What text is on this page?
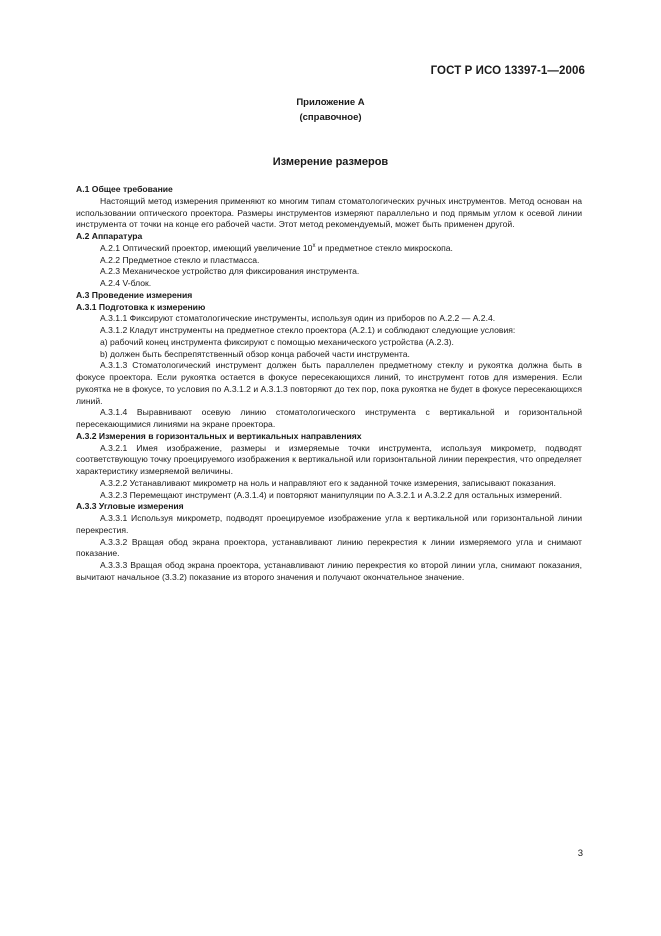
ГОСТ Р ИСО 13397-1—2006
Приложение А
(справочное)
Измерение размеров

А.1 Общее требование

Настоящий метод измерения применяют ко многим типам стоматологических ручных инструментов. Метод основан на использовании оптического проектора. Размеры инструментов измеряют параллельно и под прямым углом к осевой линии инструмента от точки на конце его рабочей части. Этот метод рекомендуемый, может быть применен другой.

А.2 Аппаратура

А.2.1 Оптический проектор, имеющий увеличение 10$^x$ и предметное стекло микроскопа.

А.2.2 Предметное стекло и пластмасса.

А.2.3 Механическое устройство для фиксирования инструмента.

А.2.4 V-блок.

А.3 Проведение измерения

А.3.1 Подготовка к измерению

А.3.1.1 Фиксируют стоматологические инструменты, используя один из приборов по А.2.2 — А.2.4.

А.3.1.2 Кладут инструменты на предметное стекло проектора (А.2.1) и соблюдают следующие условия:

а) рабочий конец инструмента фиксируют с помощью механического устройства (А.2.3).

b) должен быть беспрепятственный обзор конца рабочей части инструмента.

А.3.1.3 Стоматологический инструмент должен быть параллелен предметному стеклу и рукоятка должна быть в фокусе проектора. Если рукоятка остается в фокусе пересекающихся линий, то инструмент готов для измерения. Если рукоятка не в фокусе, то условия по А.3.1.2 и А.3.1.3 повторяют до тех пор, пока рукоятка не будет в фокусе пересекающихся линий.

А.3.1.4 Выравнивают осевую линию стоматологического инструмента с вертикальной и горизонтальной пересекающимися линиями на экране проектора.

А.3.2 Измерения в горизонтальных и вертикальных направлениях

А.3.2.1 Имея изображение, размеры и измеряемые точки инструмента, используя микрометр, подводят соответствующую точку проецируемого изображения к вертикальной или горизонтальной линии перекрестия, что определяет характеристику измеряемой величины.

А.3.2.2 Устанавливают микрометр на ноль и направляют его к заданной точке измерения, записывают показания.

А.3.2.3 Перемещают инструмент (А.3.1.4) и повторяют манипуляции по А.3.2.1 и А.3.2.2 для остальных измерений.

А.3.3 Угловые измерения

А.3.3.1 Используя микрометр, подводят проецируемое изображение угла к вертикальной или горизонтальной линии перекрестия.

А.3.3.2 Вращая обод экрана проектора, устанавливают линию перекрестия к линии измеряемого угла и снимают показание.

А.3.3.3 Вращая обод экрана проектора, устанавливают линию перекрестия ко второй линии угла, снимают показания, вычитают начальное (3.3.2) показание из второго значения и получают окончательное значение.

3
